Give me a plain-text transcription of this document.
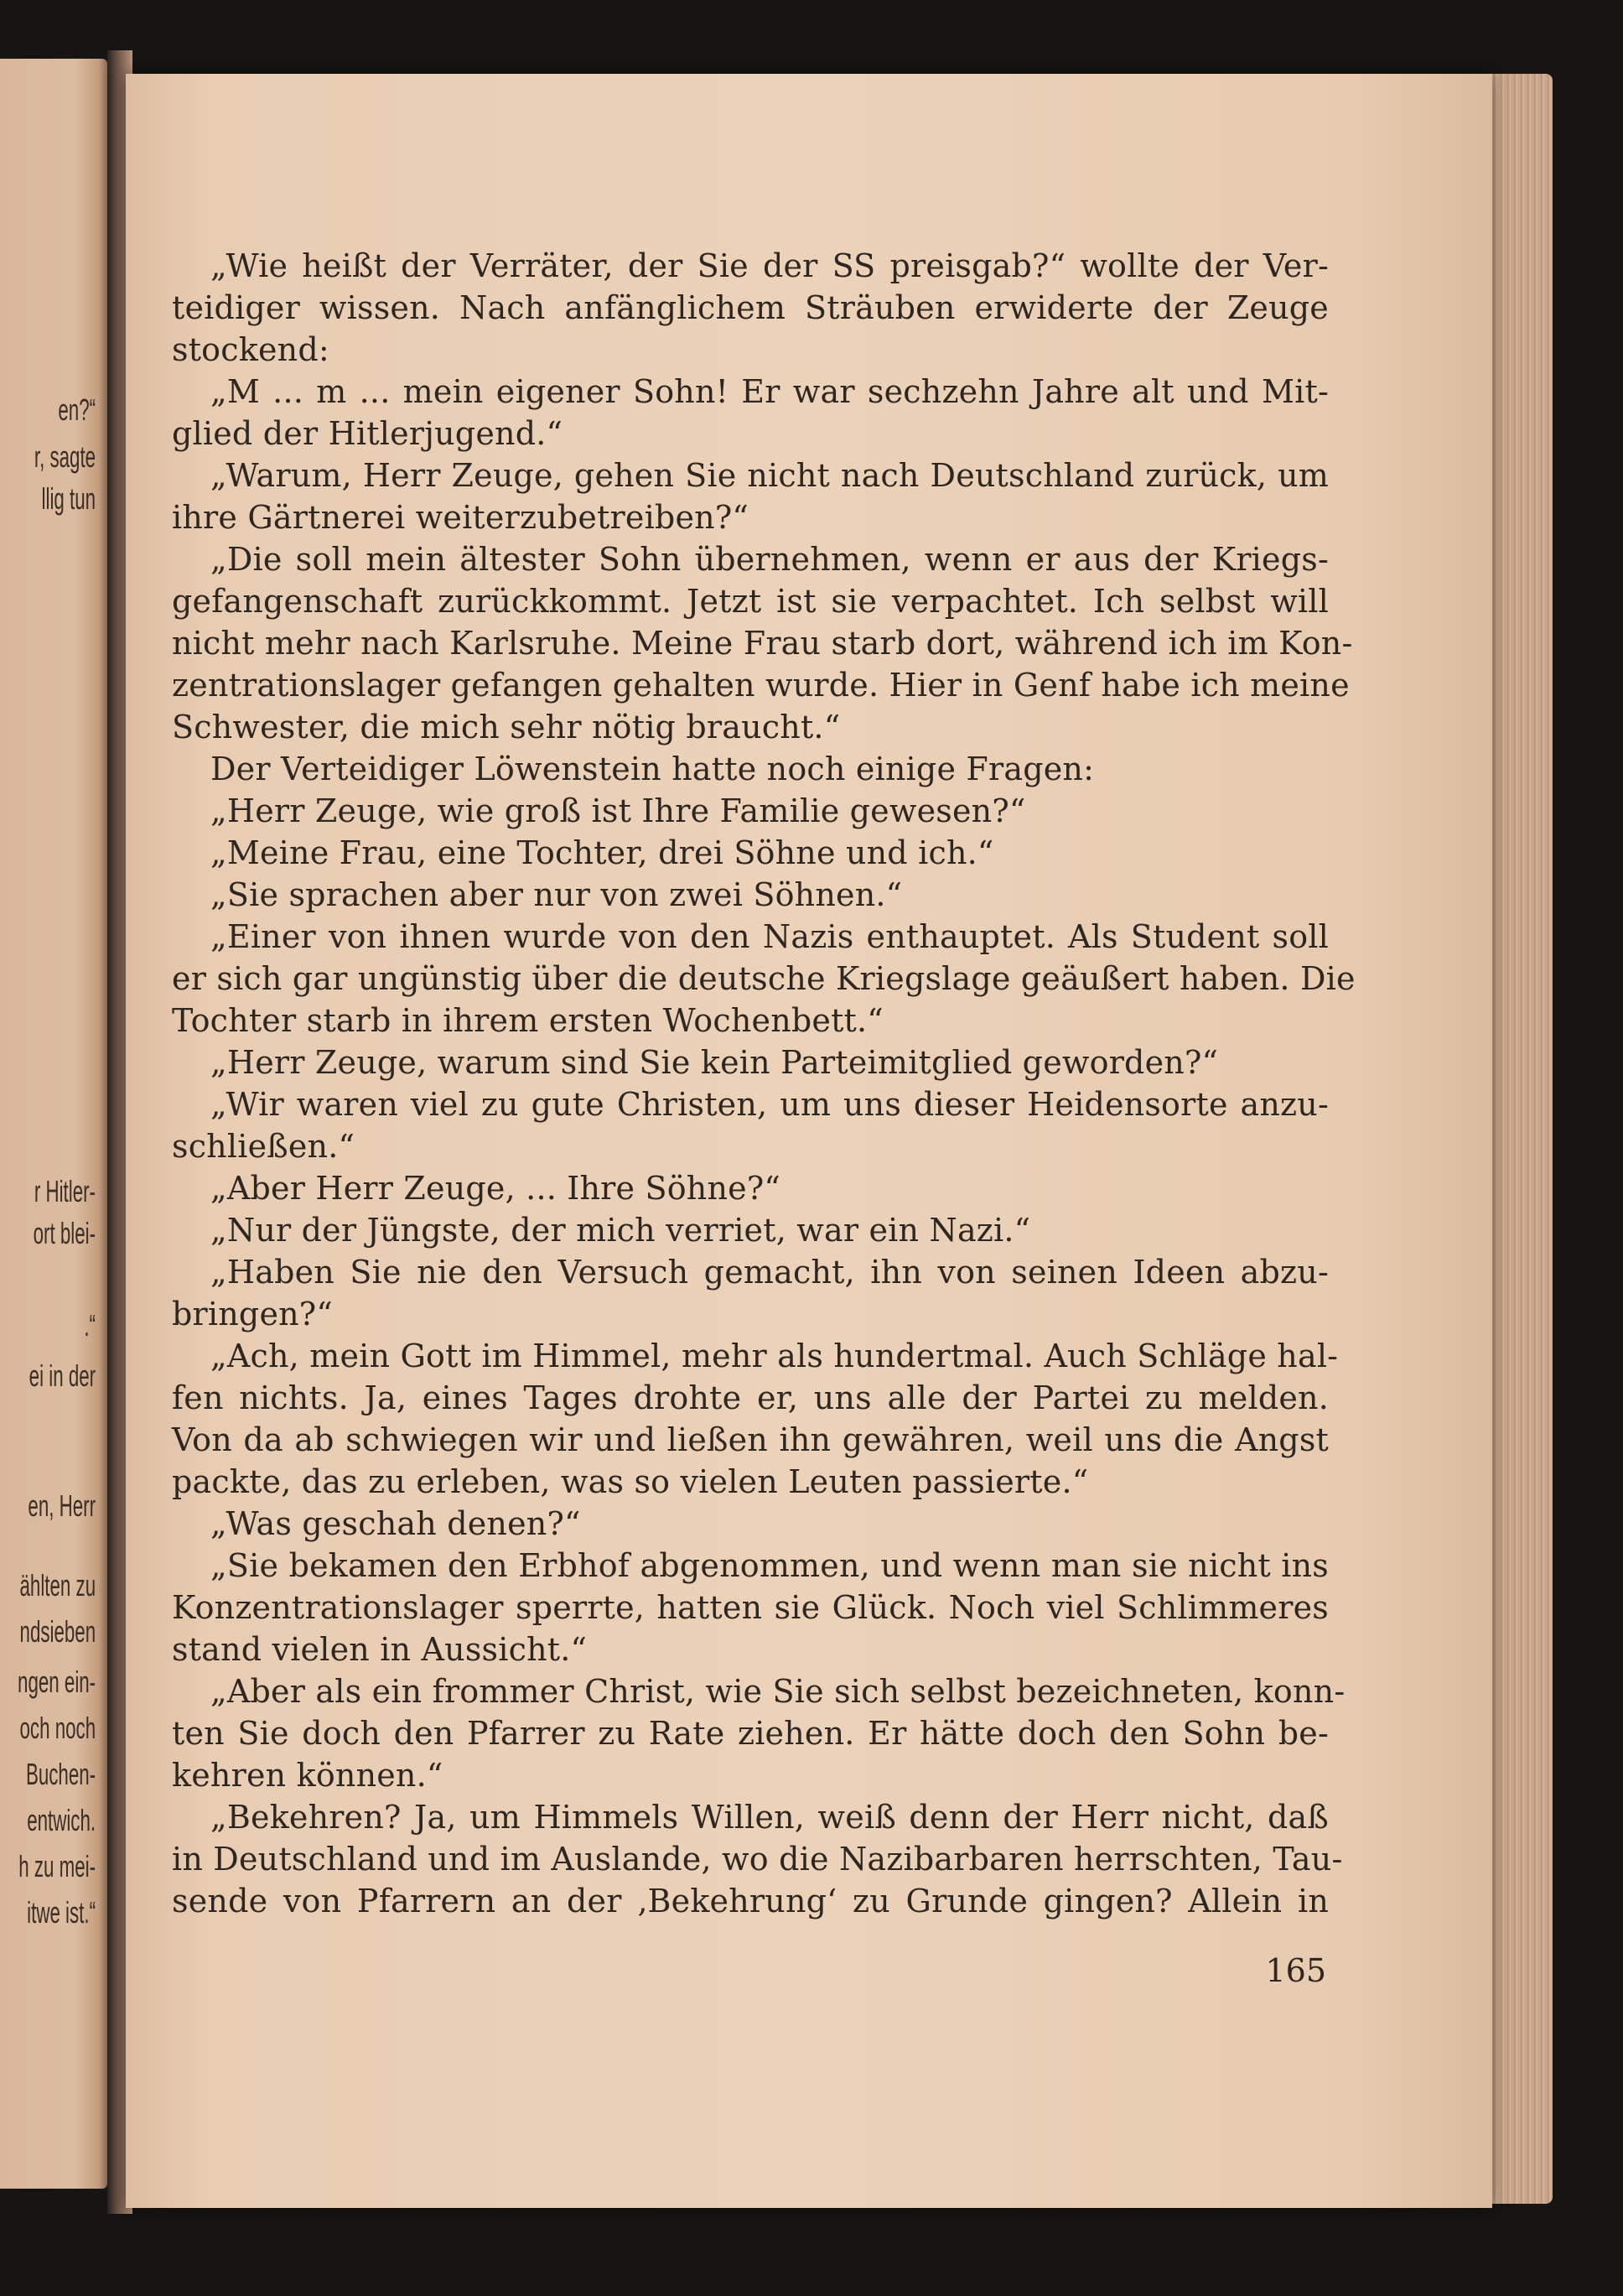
en?“
r, sagte
llig tun
r Hitler-
ort blei-
.“
ei in der
en, Herr
ählten zu
ndsieben
ngen ein-
och noch
Buchen-
entwich.
h zu mei-
itwe ist.“
„Wie heißt der Verräter, der Sie der SS preisgab?“ wollte der Ver-
teidiger wissen. Nach anfänglichem Sträuben erwiderte der Zeuge
stockend:
„M ... m ... mein eigener Sohn! Er war sechzehn Jahre alt und Mit-
glied der Hitlerjugend.“
„Warum, Herr Zeuge, gehen Sie nicht nach Deutschland zurück, um
ihre Gärtnerei weiterzubetreiben?“
„Die soll mein ältester Sohn übernehmen, wenn er aus der Kriegs-
gefangenschaft zurückkommt. Jetzt ist sie verpachtet. Ich selbst will
nicht mehr nach Karlsruhe. Meine Frau starb dort, während ich im Kon-
zentrationslager gefangen gehalten wurde. Hier in Genf habe ich meine
Schwester, die mich sehr nötig braucht.“
Der Verteidiger Löwenstein hatte noch einige Fragen:
„Herr Zeuge, wie groß ist Ihre Familie gewesen?“
„Meine Frau, eine Tochter, drei Söhne und ich.“
„Sie sprachen aber nur von zwei Söhnen.“
„Einer von ihnen wurde von den Nazis enthauptet. Als Student soll
er sich gar ungünstig über die deutsche Kriegslage geäußert haben. Die
Tochter starb in ihrem ersten Wochenbett.“
„Herr Zeuge, warum sind Sie kein Parteimitglied geworden?“
„Wir waren viel zu gute Christen, um uns dieser Heidensorte anzu-
schließen.“
„Aber Herr Zeuge, ... Ihre Söhne?“
„Nur der Jüngste, der mich verriet, war ein Nazi.“
„Haben Sie nie den Versuch gemacht, ihn von seinen Ideen abzu-
bringen?“
„Ach, mein Gott im Himmel, mehr als hundertmal. Auch Schläge hal-
fen nichts. Ja, eines Tages drohte er, uns alle der Partei zu melden.
Von da ab schwiegen wir und ließen ihn gewähren, weil uns die Angst
packte, das zu erleben, was so vielen Leuten passierte.“
„Was geschah denen?“
„Sie bekamen den Erbhof abgenommen, und wenn man sie nicht ins
Konzentrationslager sperrte, hatten sie Glück. Noch viel Schlimmeres
stand vielen in Aussicht.“
„Aber als ein frommer Christ, wie Sie sich selbst bezeichneten, konn-
ten Sie doch den Pfarrer zu Rate ziehen. Er hätte doch den Sohn be-
kehren können.“
„Bekehren? Ja, um Himmels Willen, weiß denn der Herr nicht, daß
in Deutschland und im Auslande, wo die Nazibarbaren herrschten, Tau-
sende von Pfarrern an der ‚Bekehrung‘ zu Grunde gingen? Allein in
165
